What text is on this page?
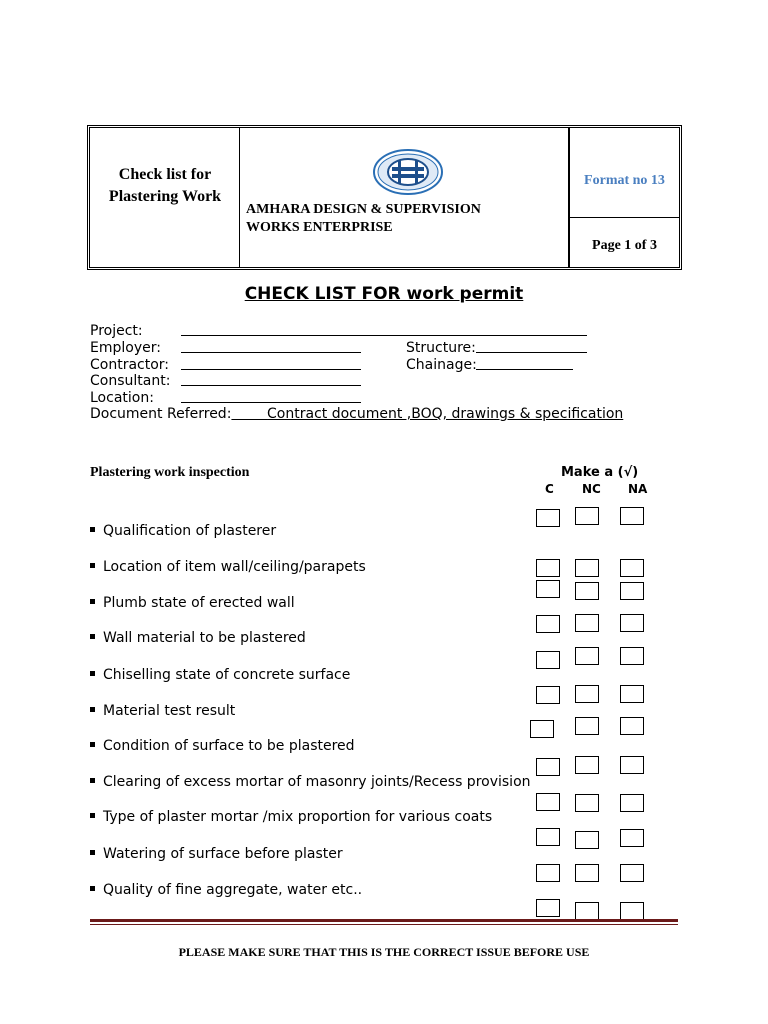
Check list for
Plastering Work
AMHARA DESIGN & SUPERVISION
WORKS ENTERPRISE
Format no 13
Page 1 of 3
CHECK LIST FOR work permit
Project:
Employer:	Structure:
Contractor:	Chainage:
Consultant:
Location:
Document Referred:	Contract document ,BOQ, drawings & specification
Plastering work inspection	Make a (√)
C NC NA
Qualification of plasterer
Location of item wall/ceiling/parapets
Plumb state of erected wall
Wall material to be plastered
Chiselling state of concrete surface
Material test result
Condition of surface to be plastered
Clearing of excess mortar of masonry joints/Recess provision
Type of plaster mortar /mix proportion for various coats
Watering of surface before plaster
Quality of fine aggregate, water etc..
PLEASE MAKE SURE THAT THIS IS THE CORRECT ISSUE BEFORE USE
